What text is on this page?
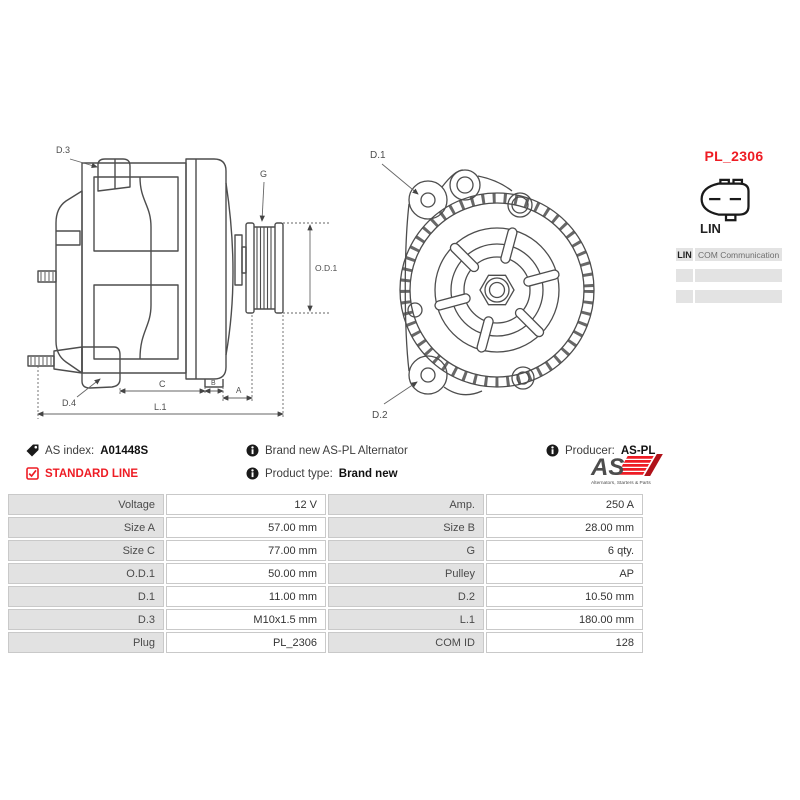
D.3
G
O.D.1
D.4
C	B
A
L.1
D.1
D.2
PL_2306
LIN
LIN COM Communication
AS index: A01448S
STANDARD LINE
Brand new AS-PL Alternator
Product type: Brand new
Producer: AS-PL
AS
Alternators, Starters & Parts
Voltage	12 V	Amp.	250 A
Size A	57.00 mm	Size B	28.00 mm
Size C	77.00 mm	G	6 qty.
O.D.1	50.00 mm	Pulley	AP
D.1	11.00 mm	D.2	10.50 mm
D.3	M10x1.5 mm	L.1	180.00 mm
Plug	PL_2306	COM ID	128
